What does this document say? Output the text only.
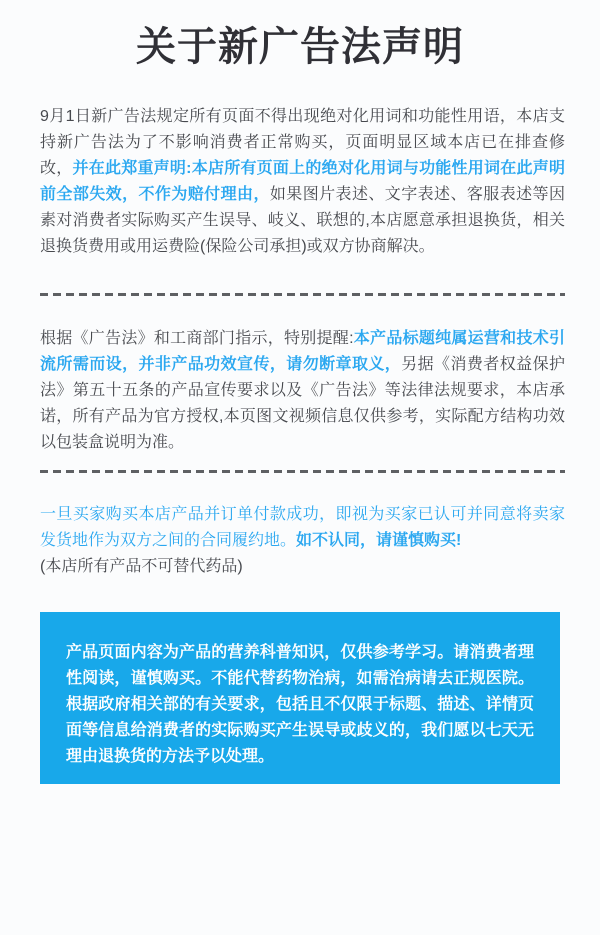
关于新广告法声明

9月1日新广告法规定所有页面不得出现绝对化用词和功能性用语，本店支持新广告法为了不影响消费者正常购买，页面明显区域本店已在排查修改，并在此郑重声明:本店所有页面上的绝对化用词与功能性用词在此声明前全部失效，不作为赔付理由，如果图片表述、文字表述、客服表述等因素对消费者实际购买产生误导、岐义、联想的,本店愿意承担退换货，相关退换货费用或用运费险(保险公司承担)或双方协商解决。

根据《广告法》和工商部门指示，特别提醒:本产品标题纯属运营和技术引流所需而设，并非产品功效宣传，请勿断章取义，另据《消费者权益保护法》第五十五条的产品宣传要求以及《广告法》等法律法规要求，本店承诺，所有产品为官方授权,本页图文视频信息仅供参考，实际配方结构功效以包装盒说明为准。

一旦买家购买本店产品并订单付款成功，即视为买家已认可并同意将卖家发货地作为双方之间的合同履约地。如不认同，请谨慎购买!
(本店所有产品不可替代药品)

产品页面内容为产品的营养科普知识，仅供参考学习。请消费者理性阅读，谨慎购买。不能代替药物治病，如需治病请去正规医院。根据政府相关部的有关要求，包括且不仅限于标题、描述、详情页面等信息给消费者的实际购买产生误导或歧义的，我们愿以七天无理由退换货的方法予以处理。
